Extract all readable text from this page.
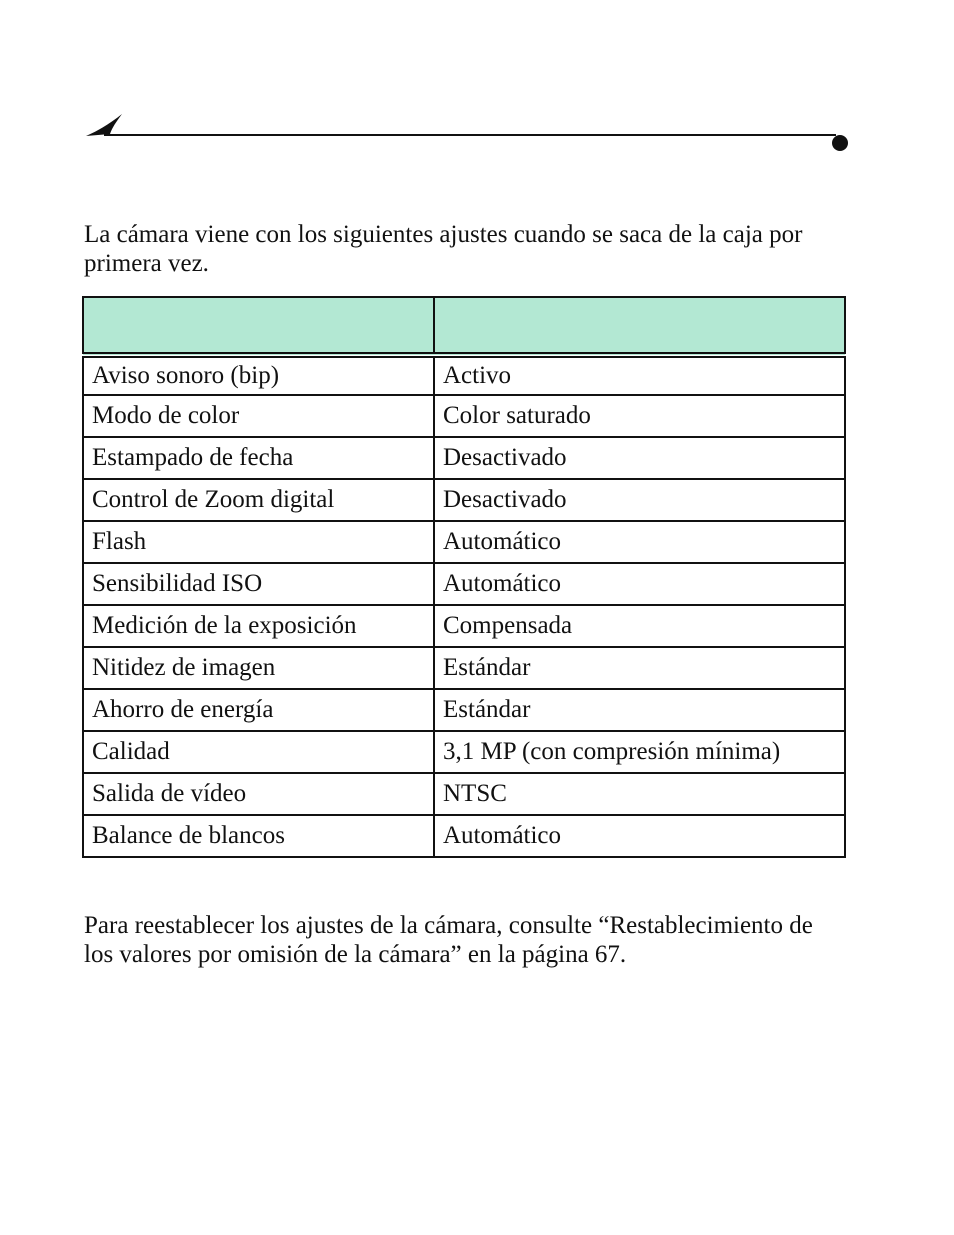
La cámara viene con los siguientes ajustes cuando se saca de la caja por primera vez.

Aviso sonoro (bip)	Activo
Modo de color	Color saturado
Estampado de fecha	Desactivado
Control de Zoom digital	Desactivado
Flash	Automático
Sensibilidad ISO	Automático
Medición de la exposición	Compensada
Nitidez de imagen	Estándar
Ahorro de energía	Estándar
Calidad	3,1 MP (con compresión mínima)
Salida de vídeo	NTSC
Balance de blancos	Automático

Para reestablecer los ajustes de la cámara, consulte “Restablecimiento de los valores por omisión de la cámara” en la página 67.
